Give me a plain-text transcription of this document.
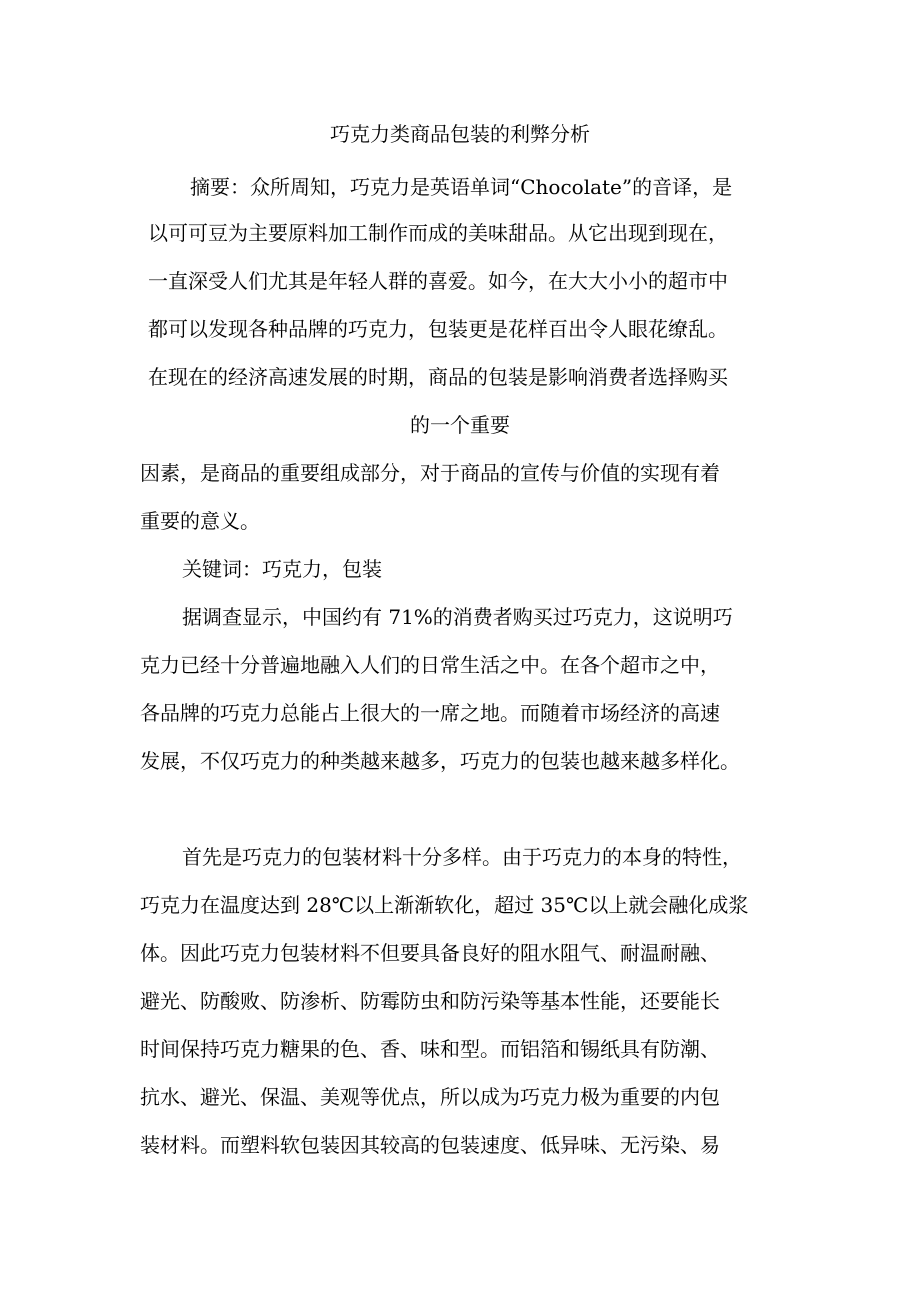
巧克力类商品包装的利弊分析
摘要：众所周知，巧克力是英语单词“Chocolate”的音译，是
以可可豆为主要原料加工制作而成的美味甜品。从它出现到现在，
一直深受人们尤其是年轻人群的喜爱。如今，在大大小小的超市中
都可以发现各种品牌的巧克力，包装更是花样百出令人眼花缭乱。
在现在的经济高速发展的时期，商品的包装是影响消费者选择购买
的一个重要
因素，是商品的重要组成部分，对于商品的宣传与价值的实现有着
重要的意义。
关键词：巧克力，包装
据调查显示，中国约有 71%的消费者购买过巧克力，这说明巧
克力已经十分普遍地融入人们的日常生活之中。在各个超市之中，
各品牌的巧克力总能占上很大的一席之地。而随着市场经济的高速
发展，不仅巧克力的种类越来越多，巧克力的包装也越来越多样化。
首先是巧克力的包装材料十分多样。由于巧克力的本身的特性，
巧克力在温度达到 28℃以上渐渐软化，超过 35℃以上就会融化成浆
体。因此巧克力包装材料不但要具备良好的阻水阻气、耐温耐融、
避光、防酸败、防渗析、防霉防虫和防污染等基本性能，还要能长
时间保持巧克力糖果的色、香、味和型。而铝箔和锡纸具有防潮、
抗水、避光、保温、美观等优点，所以成为巧克力极为重要的内包
装材料。而塑料软包装因其较高的包装速度、低异味、无污染、易
